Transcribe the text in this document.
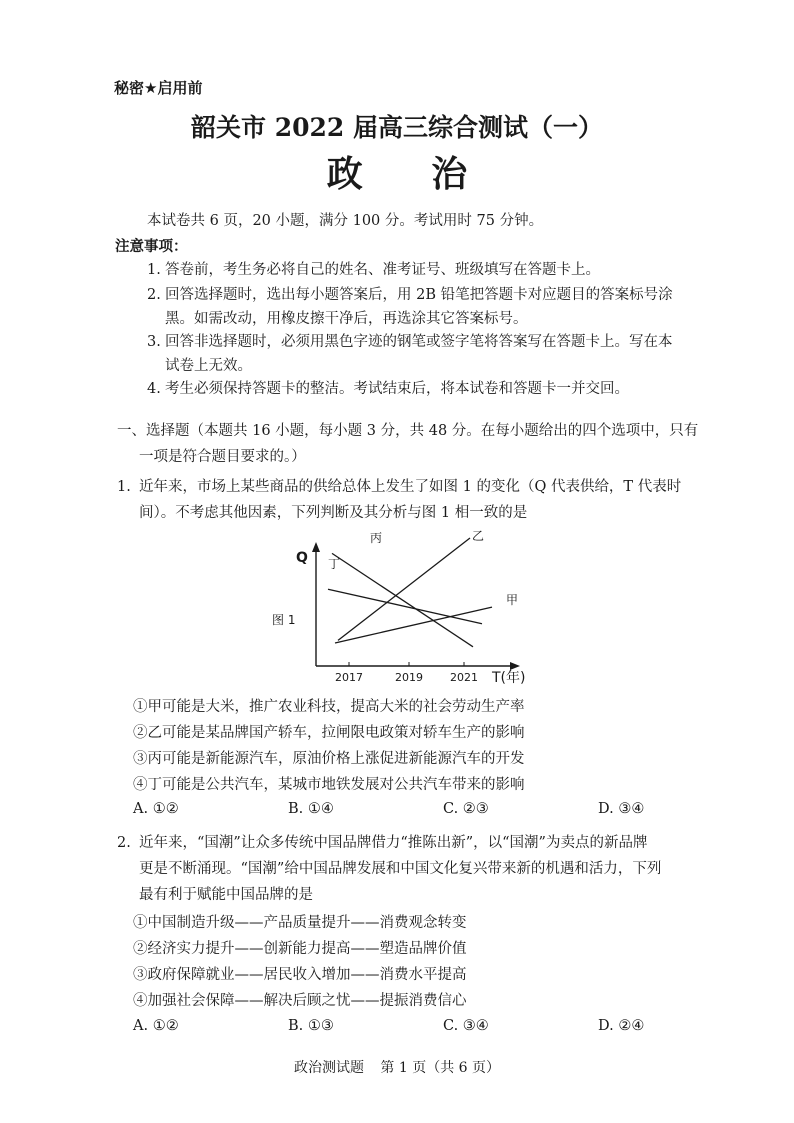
秘密★启用前
韶关市 2022 届高三综合测试（一）
政 治
本试卷共 6 页，20 小题，满分 100 分。考试用时 75 分钟。
注意事项：
1. 答卷前，考生务必将自己的姓名、准考证号、班级填写在答题卡上。
2. 回答选择题时，选出每小题答案后，用 2B 铅笔把答题卡对应题目的答案标号涂
黑。如需改动，用橡皮擦干净后，再选涂其它答案标号。
3. 回答非选择题时，必须用黑色字迹的钢笔或签字笔将答案写在答题卡上。写在本
试卷上无效。
4. 考生必须保持答题卡的整洁。考试结束后，将本试卷和答题卡一并交回。
一、选择题（本题共 16 小题，每小题 3 分，共 48 分。在每小题给出的四个选项中，只有
一项是符合题目要求的。）
1. 近年来，市场上某些商品的供给总体上发生了如图 1 的变化（Q 代表供给，T 代表时
间）。不考虑其他因素，下列判断及其分析与图 1 相一致的是
图 1
Q
T(年)
2017	2019 2021
甲
乙
丙
丁
①甲可能是大米，推广农业科技，提高大米的社会劳动生产率
②乙可能是某品牌国产轿车，拉闸限电政策对轿车生产的影响
③丙可能是新能源汽车，原油价格上涨促进新能源汽车的开发
④丁可能是公共汽车，某城市地铁发展对公共汽车带来的影响
A. ①②	B. ①④	C. ②③	D. ③④
2. 近年来，“国潮”让众多传统中国品牌借力“推陈出新”，以“国潮”为卖点的新品牌
更是不断涌现。“国潮”给中国品牌发展和中国文化复兴带来新的机遇和活力，下列
最有利于赋能中国品牌的是
①中国制造升级——产品质量提升——消费观念转变
②经济实力提升——创新能力提高——塑造品牌价值
③政府保障就业——居民收入增加——消费水平提高
④加强社会保障——解决后顾之忧——提振消费信心
A. ①②	B. ①③	C. ③④	D. ②④
政治测试题 第 1 页（共 6 页）
